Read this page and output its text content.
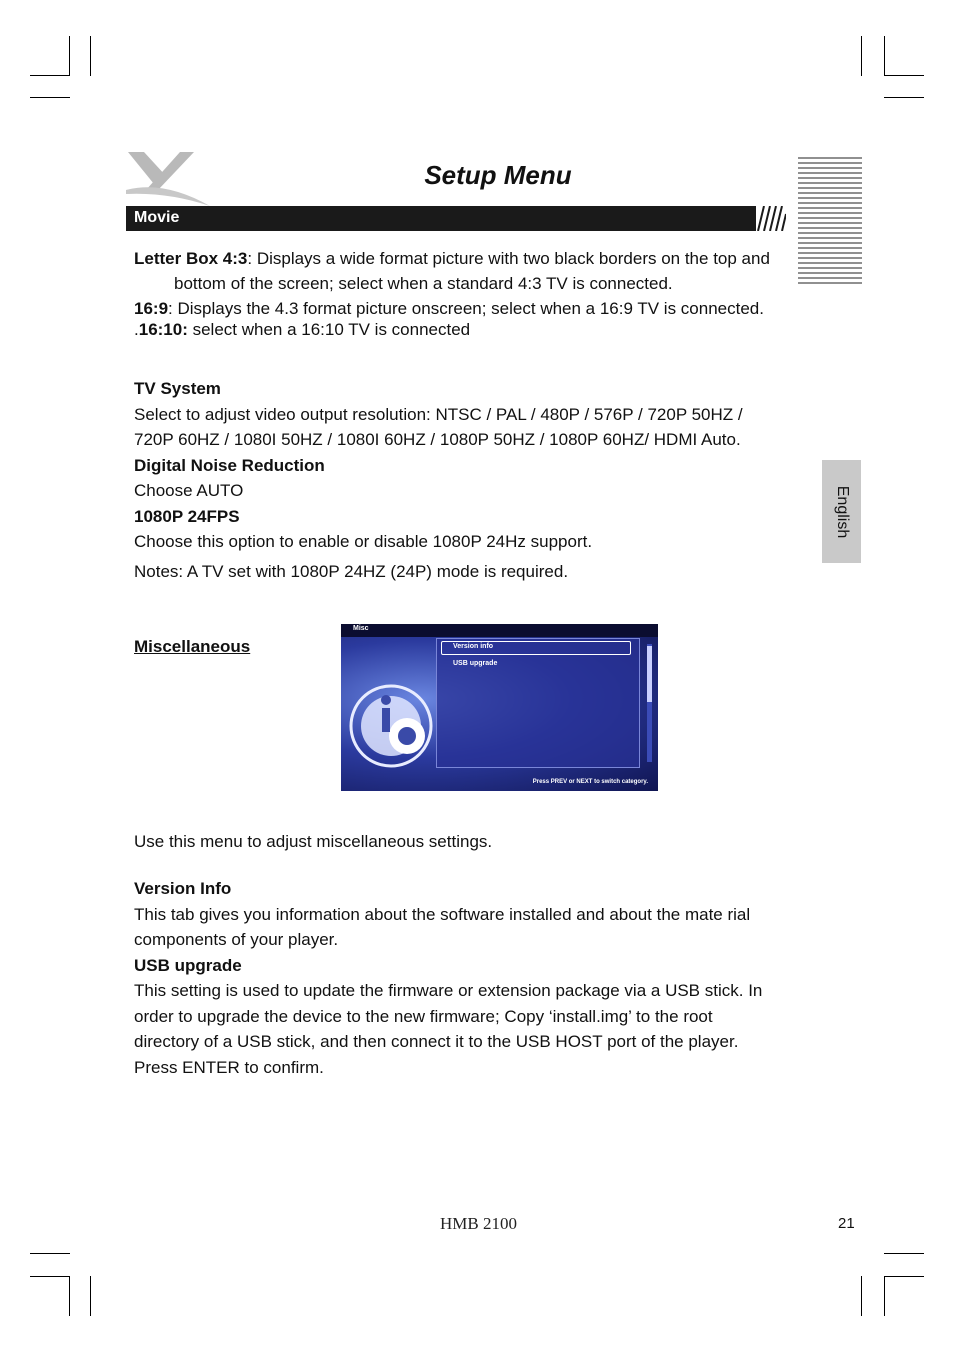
Setup Menu
Movie
English

Letter Box 4:3: Displays a wide format picture with two black borders on the top and bottom of the screen; select when a standard 4:3 TV is connected.

16:9: Displays the 4.3 format picture onscreen; select when a 16:9 TV is connected.

.16:10: select when a 16:10 TV is connected

TV System

Select to adjust video output resolution: NTSC / PAL / 480P / 576P / 720P 50HZ / 720P 60HZ / 1080I 50HZ / 1080I 60HZ / 1080P 50HZ / 1080P 60HZ/ HDMI Auto.

Digital Noise Reduction

Choose AUTO

1080P 24FPS

Choose this option to enable or disable 1080P 24Hz support.

Notes: A TV set with 1080P 24HZ (24P) mode is required.

Miscellaneous
Misc
Version info
USB upgrade
Press PREV or NEXT to switch category.
Use this menu to adjust miscellaneous settings.

Version Info

This tab gives you information about the software installed and about the mate rial components of your player.

USB upgrade

This setting is used to update the firmware or extension package via a USB stick. In order to upgrade the device to the new firmware; Copy ‘install.img’ to the root directory of a USB stick, and then connect it to the USB HOST port of the player.

Press ENTER to confirm.

HMB 2100	21
